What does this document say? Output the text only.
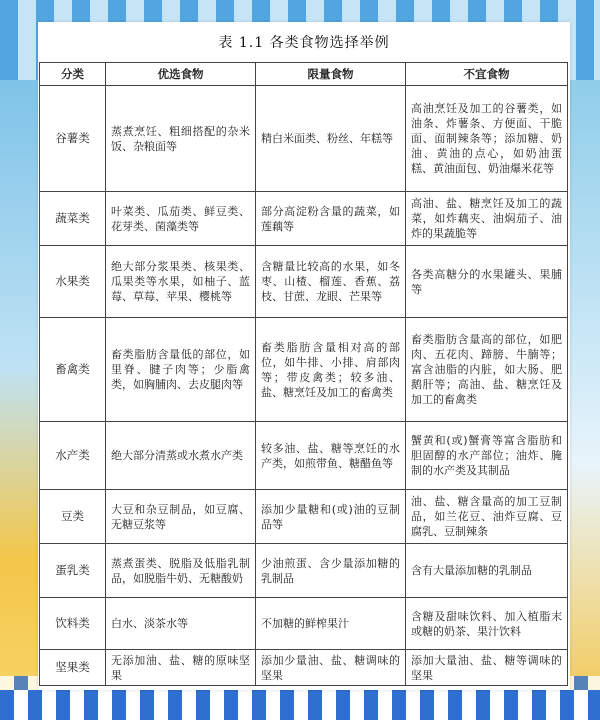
表 1.1 各类食物选择举例
分类	优选食物	限量食物	不宜食物
谷薯类	蒸煮烹饪、粗细搭配的杂米饭、杂粮面等	精白米面类、粉丝、年糕等	高油烹饪及加工的谷薯类，如油条、炸薯条、方便面、干脆面、面制辣条等；添加糖、奶油、黄油的点心，如奶油蛋糕、黄油面包、奶油爆米花等
蔬菜类	叶菜类、瓜茄类、鲜豆类、花芽类、菌藻类等	部分高淀粉含量的蔬菜，如莲藕等	高油、盐、糖烹饪及加工的蔬菜，如炸藕夹、油焖茄子、油炸的果蔬脆等
水果类	绝大部分浆果类、核果类、瓜果类等水果，如柚子、蓝莓、草莓、苹果、樱桃等	含糖量比较高的水果，如冬枣、山楂、榴莲、香蕉、荔枝、甘蔗、龙眼、芒果等	各类高糖分的水果罐头、果脯等
畜禽类	畜类脂肪含量低的部位，如里脊、腱子肉等；少脂禽类，如胸脯肉、去皮腿肉等	畜类脂肪含量相对高的部位，如牛排、小排、肩部肉等；带皮禽类；较多油、盐、糖烹饪及加工的畜禽类	畜类脂肪含量高的部位，如肥肉、五花肉、蹄膀、牛腩等；富含油脂的内脏，如大肠、肥鹅肝等；高油、盐、糖烹饪及加工的畜禽类
水产类	绝大部分清蒸或水煮水产类	较多油、盐、糖等烹饪的水产类，如煎带鱼、糖醋鱼等	蟹黄和(或)蟹膏等富含脂肪和胆固醇的水产部位；油炸、腌制的水产类及其制品
豆类	大豆和杂豆制品，如豆腐、无糖豆浆等	添加少量糖和(或)油的豆制品等	油、盐、糖含量高的加工豆制品，如兰花豆、油炸豆腐、豆腐乳、豆制辣条
蛋乳类	蒸煮蛋类、脱脂及低脂乳制品，如脱脂牛奶、无糖酸奶	少油煎蛋、含少量添加糖的乳制品	含有大量添加糖的乳制品
饮料类	白水、淡茶水等	不加糖的鲜榨果汁	含糖及甜味饮料、加入植脂末或糖的奶茶、果汁饮料
坚果类	无添加油、盐、糖的原味坚果	添加少量油、盐、糖调味的坚果	添加大量油、盐、糖等调味的坚果
